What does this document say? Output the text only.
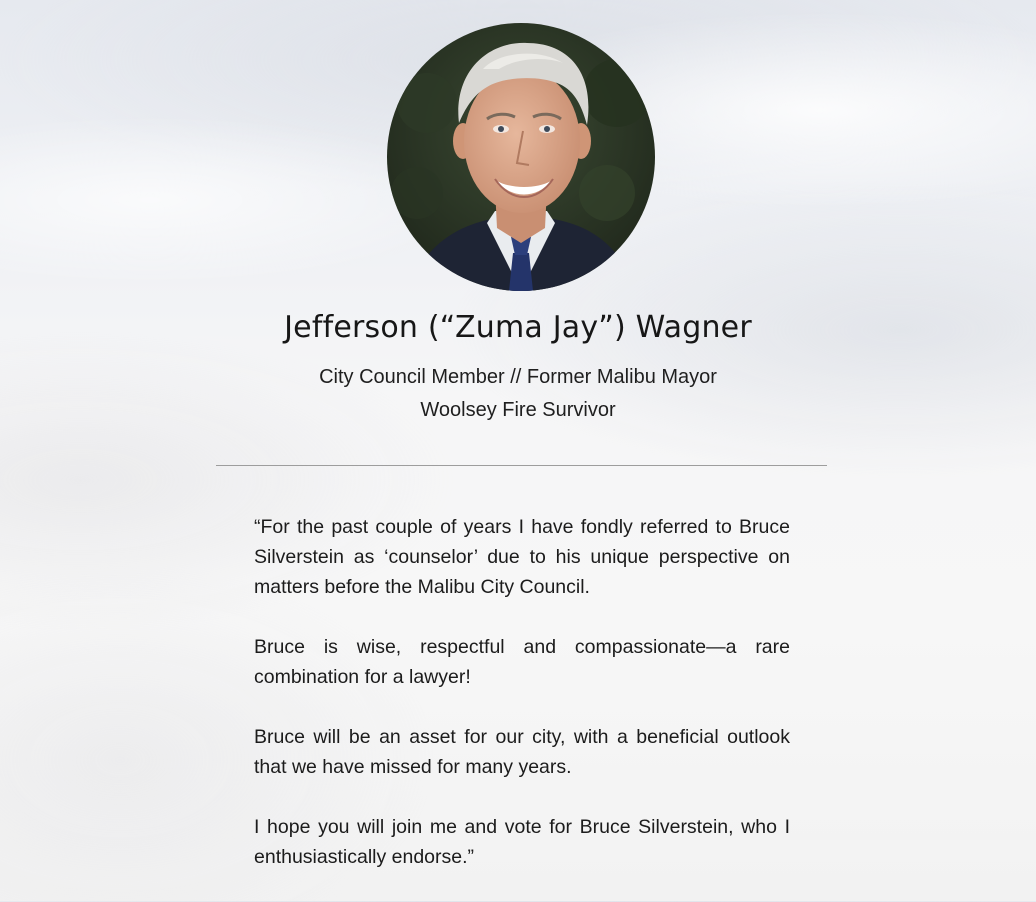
Jefferson (“Zuma Jay”) Wagner
City Council Member // Former Malibu Mayor
Woolsey Fire Survivor

“For the past couple of years I have fondly referred to Bruce Silverstein as ‘counselor’ due to his unique perspective on matters before the Malibu City Council.

Bruce is wise, respectful and compassionate—a rare combination for a lawyer!

Bruce will be an asset for our city, with a beneficial outlook that we have missed for many years.

I hope you will join me and vote for Bruce Silverstein, who I enthusiastically endorse.”
